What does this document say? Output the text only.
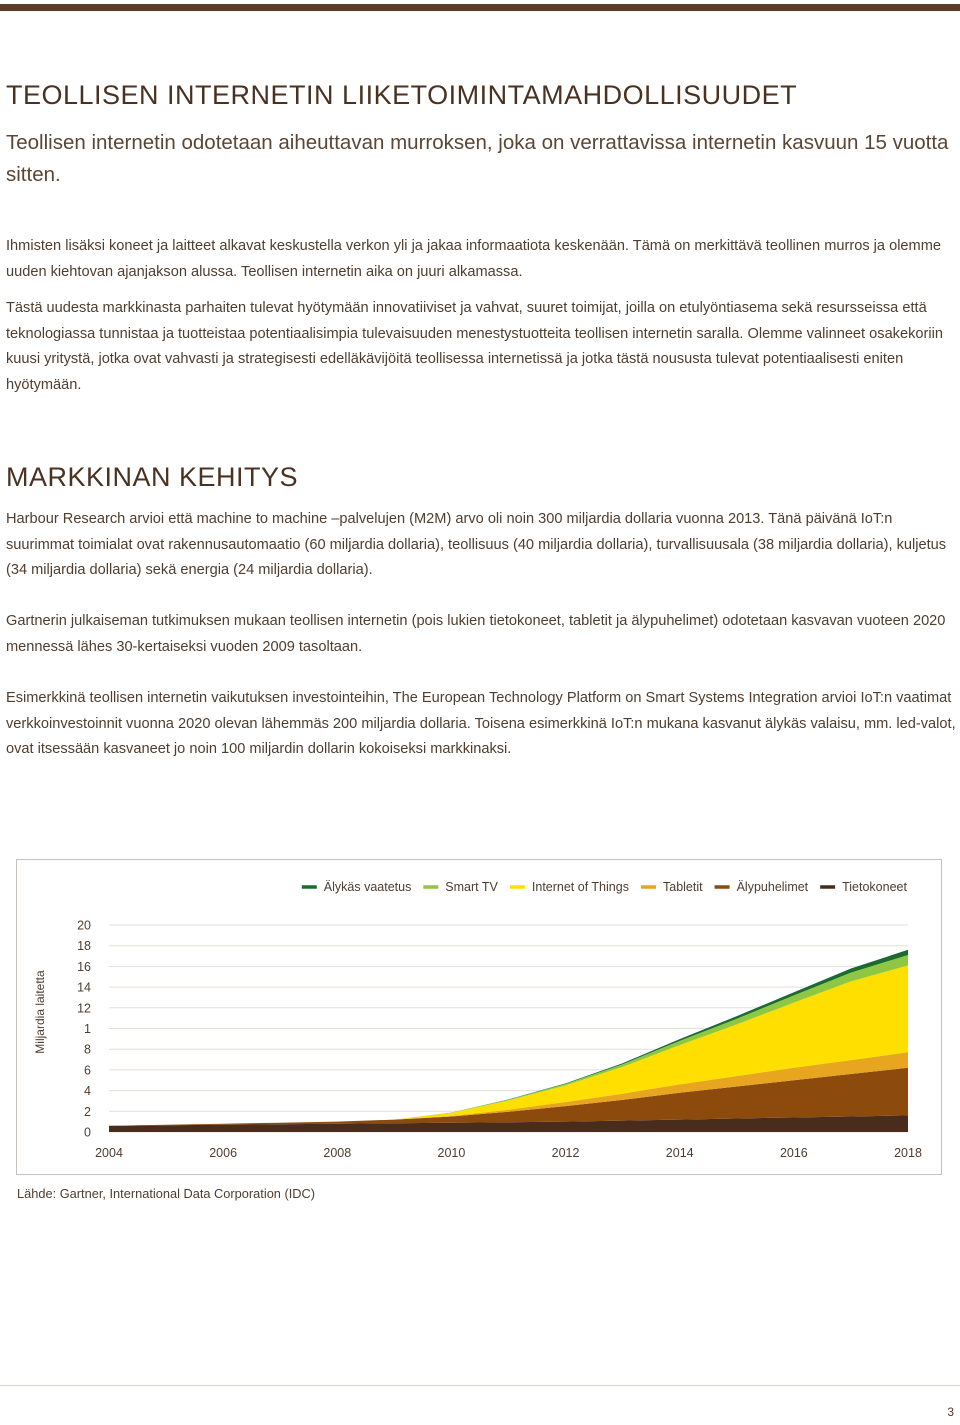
TEOLLISEN INTERNETIN LIIKETOIMINTAMAHDOLLISUUDET

Teollisen internetin odotetaan aiheuttavan murroksen, joka on verrattavissa internetin kasvuun 15 vuotta sitten.

Ihmisten lisäksi koneet ja laitteet alkavat keskustella verkon yli ja jakaa informaatiota keskenään. Tämä on merkittävä teollinen murros ja olemme uuden kiehtovan ajanjakson alussa. Teollisen internetin aika on juuri alkamassa.

Tästä uudesta markkinasta parhaiten tulevat hyötymään innovatiiviset ja vahvat, suuret toimijat, joilla on etulyöntiasema sekä resursseissa että teknologiassa tunnistaa ja tuotteistaa potentiaalisimpia tulevaisuuden menestystuotteita teollisen internetin saralla. Olemme valinneet osakekoriin kuusi yritystä, jotka ovat vahvasti ja strategisesti edelläkävijöitä teollisessa internetissä ja jotka tästä noususta tulevat potentiaalisesti eniten hyötymään.

MARKKINAN KEHITYS

Harbour Research arvioi että machine to machine –palvelujen (M2M) arvo oli noin 300 miljardia dollaria vuonna 2013. Tänä päivänä IoT:n suurimmat toimialat ovat rakennusautomaatio (60 miljardia dollaria), teollisuus (40 miljardia dollaria), turvallisuusala (38 miljardia dollaria), kuljetus (34 miljardia dollaria) sekä energia (24 miljardia dollaria).

Gartnerin julkaiseman tutkimuksen mukaan teollisen internetin (pois lukien tietokoneet, tabletit ja älypuhelimet) odotetaan kasvavan vuoteen 2020 mennessä lähes 30-kertaiseksi vuoden 2009 tasoltaan.

Esimerkkinä teollisen internetin vaikutuksen investointeihin, The European Technology Platform on Smart Systems Integration arvioi IoT:n vaatimat verkkoinvestoinnit vuonna 2020 olevan lähemmäs 200 miljardia dollaria. Toisena esimerkkinä IoT:n mukana kasvanut älykäs valaisu, mm. led-valot, ovat itsessään kasvaneet jo noin 100 miljardin dollarin kokoiseksi markkinaksi.

0
2
4
6
8
1
12
14
16
18
20
2004	2006	2008	2010	2012	2014	2016	2018
Miljardia laitetta
Tietokoneet
Älypuhelimet
Tabletit
Internet of Things
Smart TV
Älykäs vaatetus

Lähde: Gartner, International Data Corporation (IDC)

3
